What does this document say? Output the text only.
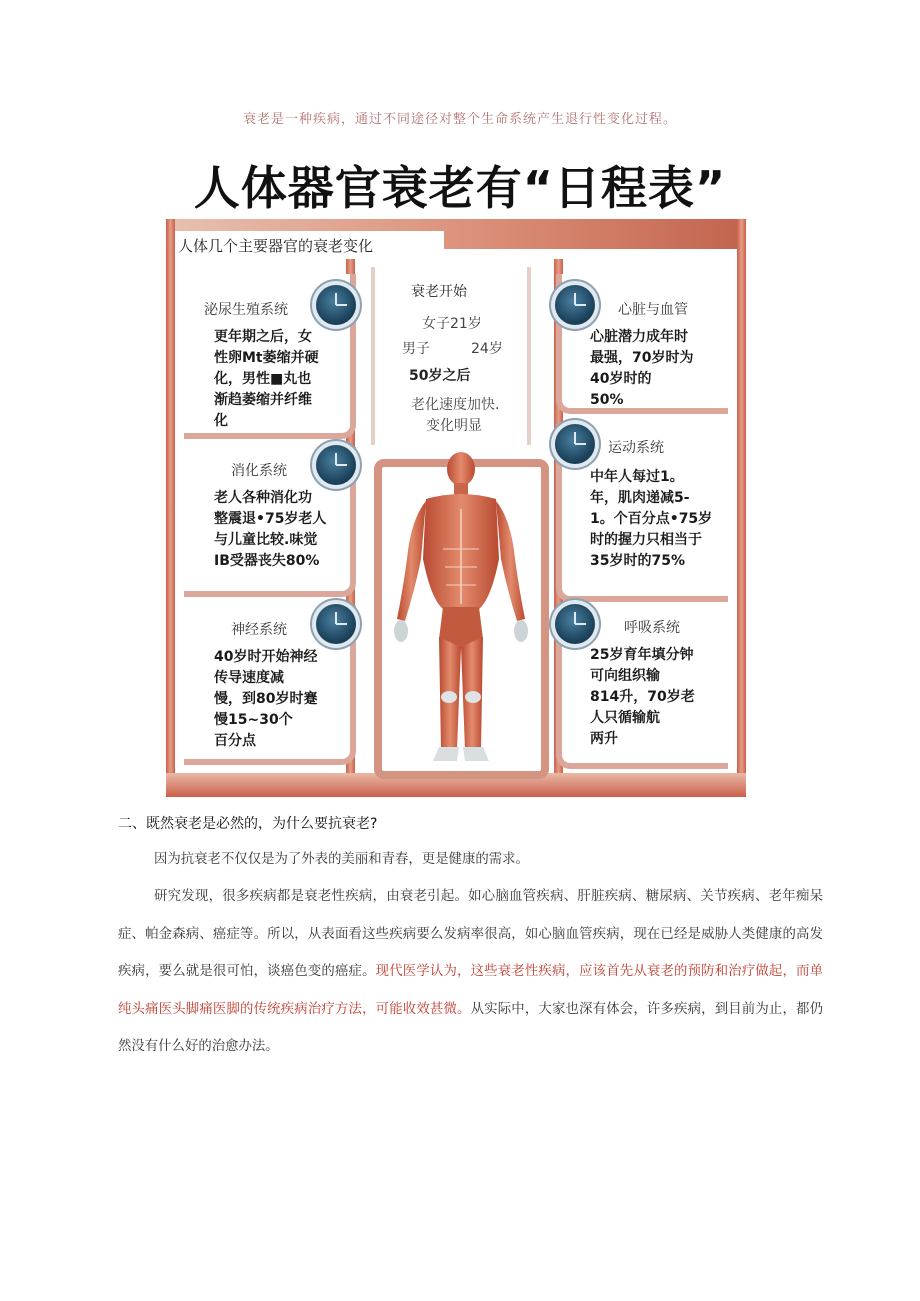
衰老是一种疾病，通过不同途径对整个生命系统产生退行性变化过程。
人体器官衰老有“日程表”
人体几个主要器官的衰老变化
衰老开始
女子21岁
男子	24岁
50岁之后
老化速度加快.
变化明显
泌尿生殖系统
更年期之后，女
性卵Mt萎缩并硬
化，男性■丸也
渐趋萎缩并纤维
化
消化系统
老人各种消化功
整震退•75岁老人
与儿童比较.味觉
IB受器丧失80%
神经系统
40岁时开始神经
传导速度减
慢，到80岁时蹇
慢15~30个
百分点
心脏与血管
心脏潜力成年时
最强，70岁时为
40岁时的
50%
运动系统
中年人每过1。
年，肌肉递减5-
1。个百分点•75岁
时的握力只相当于
35岁时的75%
呼吸系统
25岁育年填分钟
可向组织输
814升，70岁老
人只循输航
两升
二、既然衰老是必然的，为什么要抗衰老?

因为抗衰老不仅仅是为了外表的美丽和青春，更是健康的需求。

研究发现，很多疾病都是衰老性疾病，由衰老引起。如心脑血管疾病、肝脏疾病、糖尿病、关节疾病、老年痴呆症、帕金森病、癌症等。所以，从表面看这些疾病要么发病率很高，如心脑血管疾病，现在已经是威胁人类健康的高发疾病，要么就是很可怕，谈癌色变的癌症。现代医学认为，这些衰老性疾病，应该首先从衰老的预防和治疗做起，而单纯头痛医头脚痛医脚的传统疾病治疗方法，可能收效甚微。从实际中，大家也深有体会，许多疾病，到目前为止，都仍然没有什么好的治愈办法。
